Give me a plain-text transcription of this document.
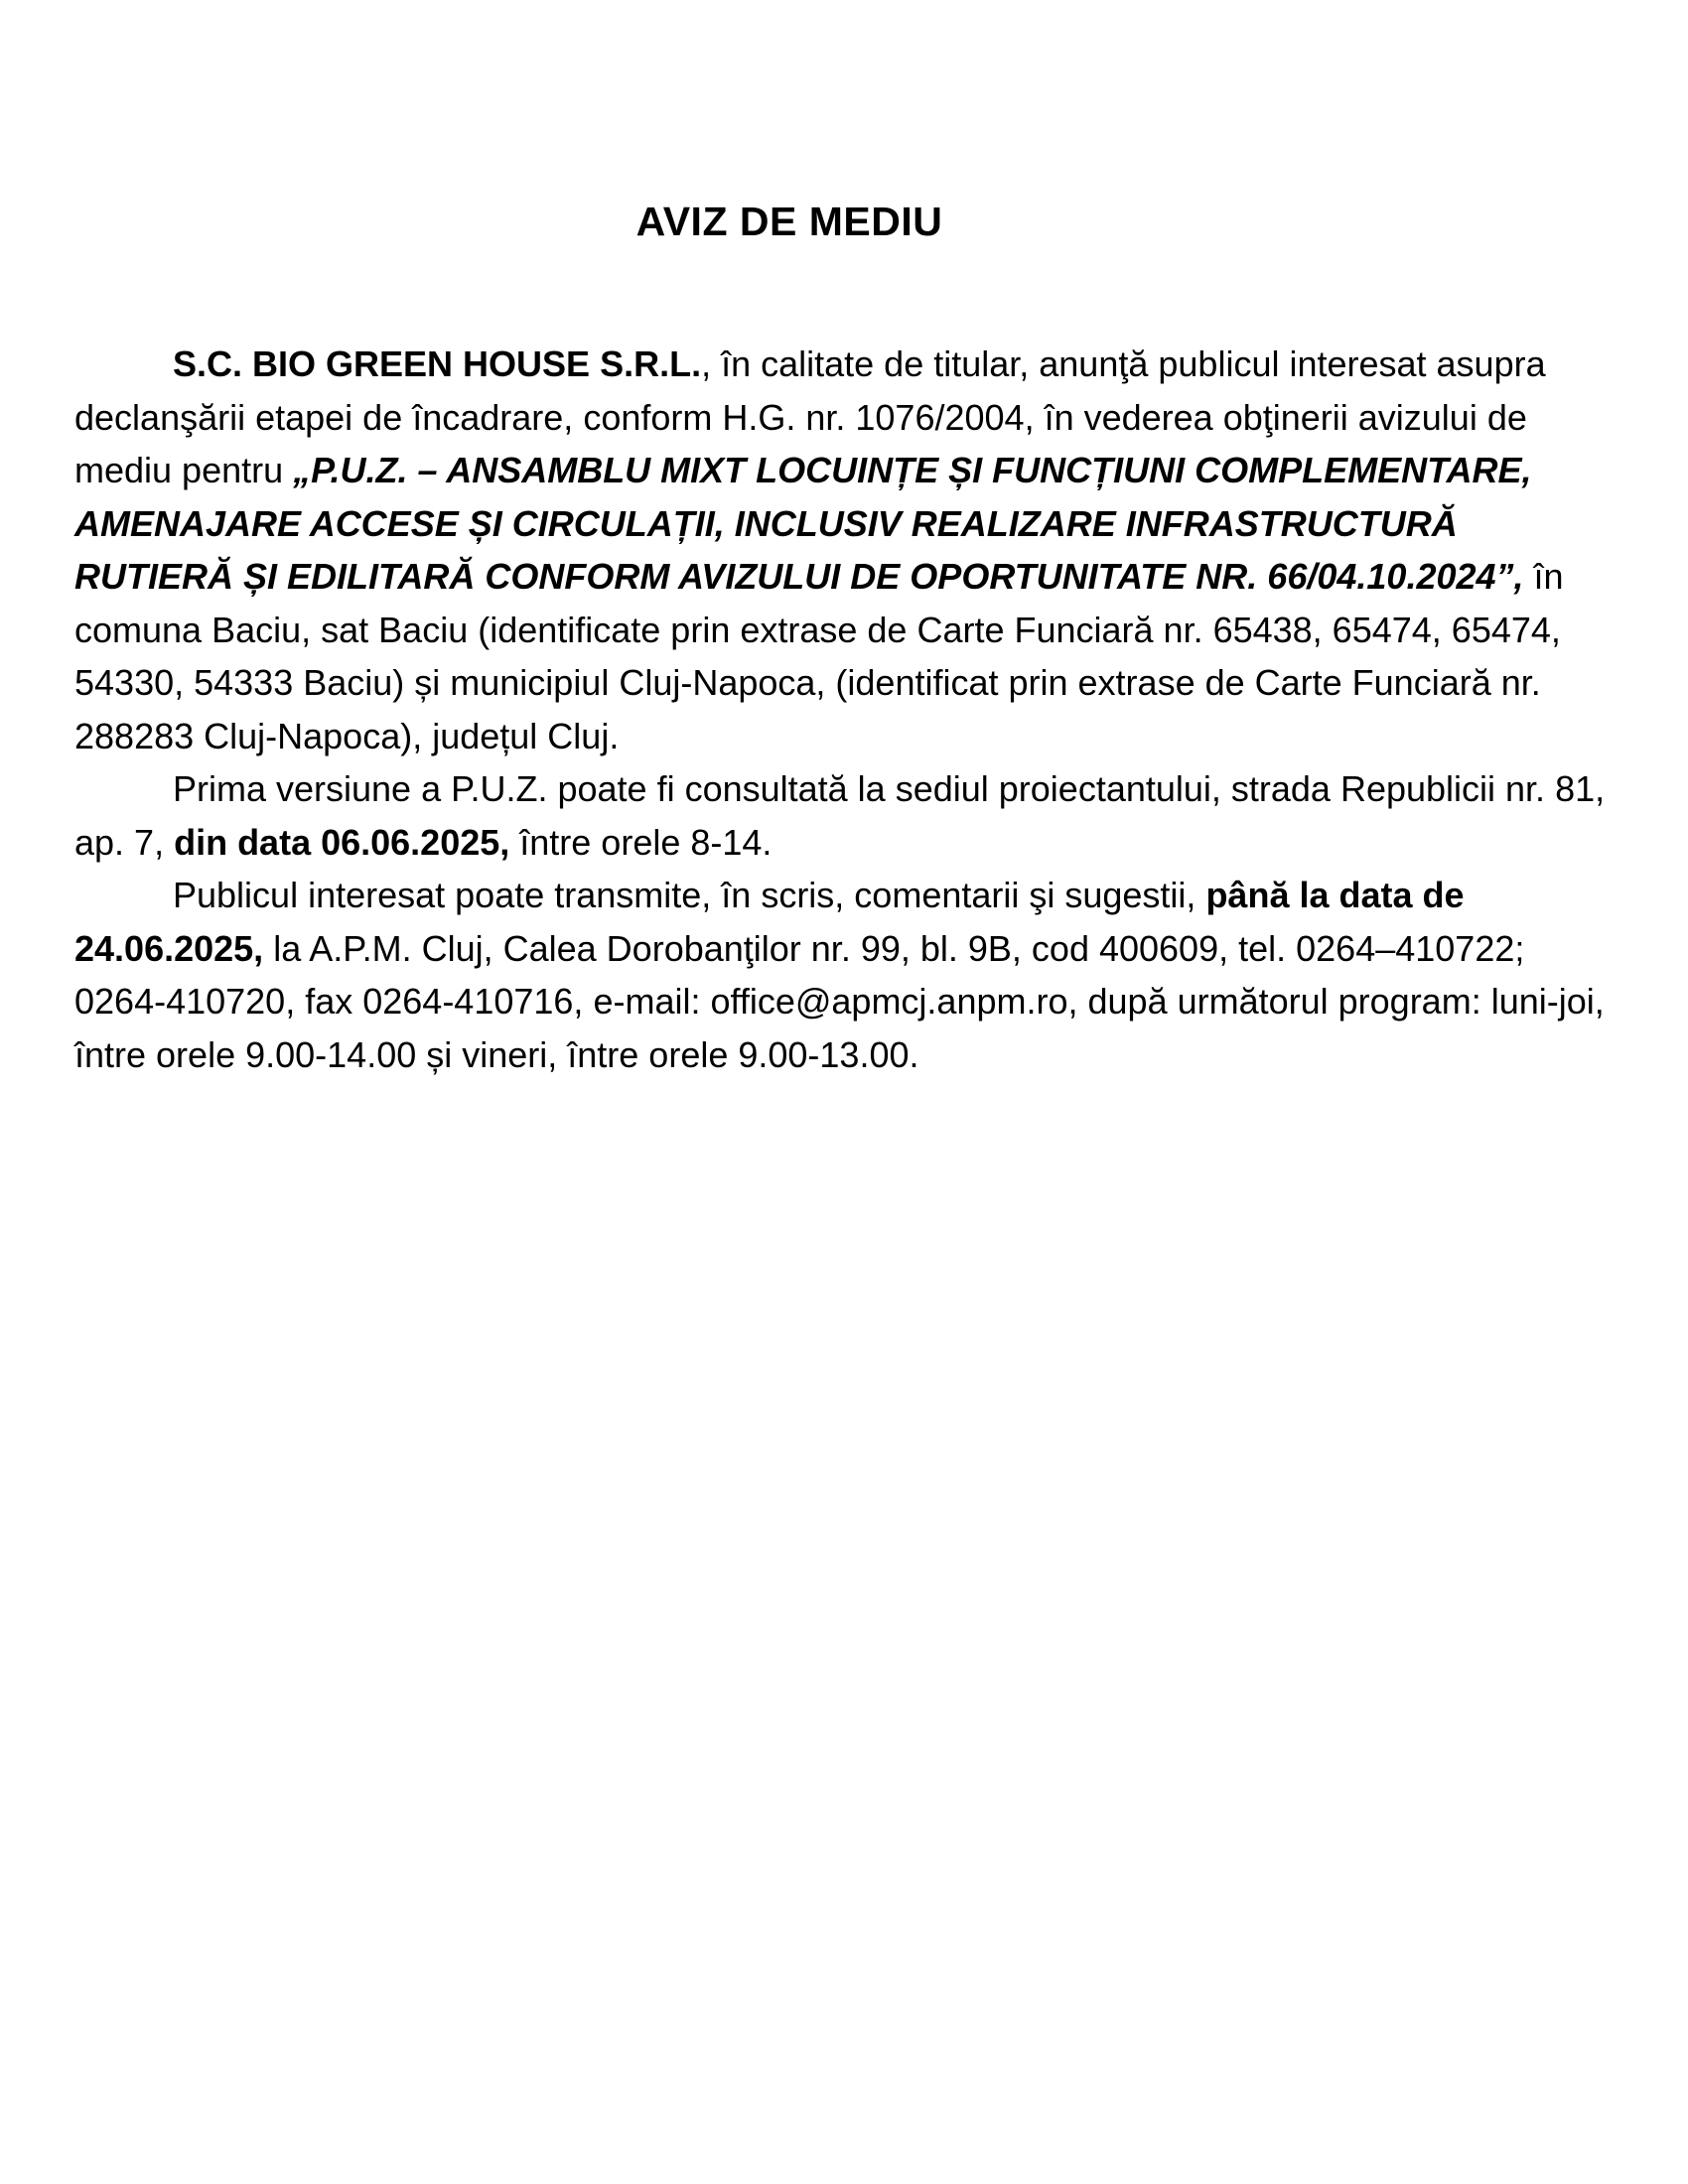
AVIZ DE MEDIU

S.C. BIO GREEN HOUSE S.R.L., în calitate de titular, anunţă publicul interesat asupra declanşării etapei de încadrare, conform H.G. nr. 1076/2004, în vederea obţinerii avizului de mediu pentru „P.U.Z. – ANSAMBLU MIXT LOCUINȚE ȘI FUNCȚIUNI COMPLEMENTARE, AMENAJARE ACCESE ȘI CIRCULAȚII, INCLUSIV REALIZARE INFRASTRUCTURĂ RUTIERĂ ȘI EDILITARĂ CONFORM AVIZULUI DE OPORTUNITATE NR. 66/04.10.2024”, în comuna Baciu, sat Baciu (identificate prin extrase de Carte Funciară nr. 65438, 65474, 65474, 54330, 54333 Baciu) și municipiul Cluj-Napoca, (identificat prin extrase de Carte Funciară nr. 288283 Cluj-Napoca), județul Cluj.

Prima versiune a P.U.Z. poate fi consultată la sediul proiectantului, strada Republicii nr. 81, ap. 7, din data 06.06.2025, între orele 8-14.

Publicul interesat poate transmite, în scris, comentarii şi sugestii, până la data de 24.06.2025, la A.P.M. Cluj, Calea Dorobanţilor nr. 99, bl. 9B, cod 400609, tel. 0264–410722; 0264-410720, fax 0264-410716, e-mail: office@apmcj.anpm.ro, după următorul program: luni-joi, între orele 9.00-14.00 și vineri, între orele 9.00-13.00.
